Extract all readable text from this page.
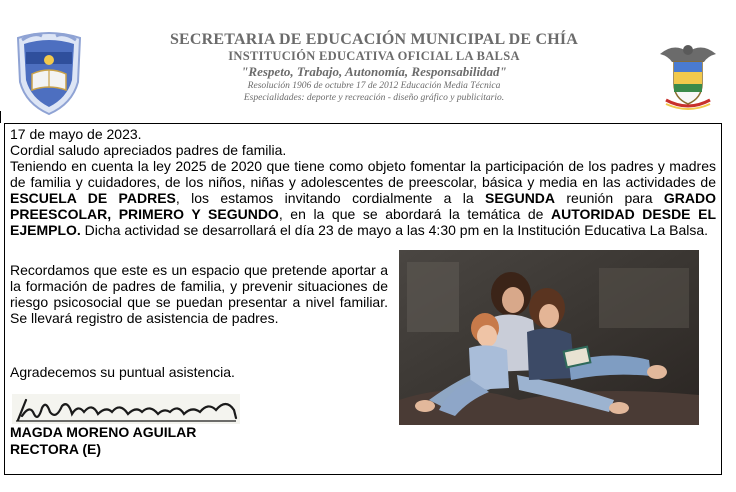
SECRETARIA DE EDUCACIÓN MUNICIPAL DE CHÍA
INSTITUCIÓN EDUCATIVA OFICIAL LA BALSA
"Respeto, Trabajo, Autonomía, Responsabilidad"
Resolución 1906 de octubre 17 de 2012 Educación Media Técnica
Especialidades: deporte y recreación - diseño gráfico y publicitario.

17 de mayo de 2023.

Cordial saludo apreciados padres de familia.

Teniendo en cuenta la ley 2025 de 2020 que tiene como objeto fomentar la participación de los padres y madres de familia y cuidadores, de los niños, niñas y adolescentes de preescolar, básica y media en las actividades de ESCUELA DE PADRES, los estamos invitando cordialmente a la SEGUNDA reunión para GRADO PREESCOLAR, PRIMERO Y SEGUNDO, en la que se abordará la temática de AUTORIDAD DESDE EL EJEMPLO. Dicha actividad se desarrollará el día 23 de mayo a las 4:30 pm en la Institución Educativa La Balsa.

Recordamos que este es un espacio que pretende aportar a la formación de padres de familia, y prevenir situaciones de riesgo psicosocial que se puedan presentar a nivel familiar. Se llevará registro de asistencia de padres.

Agradecemos su puntual asistencia.

MAGDA MORENO AGUILAR
RECTORA (E)
